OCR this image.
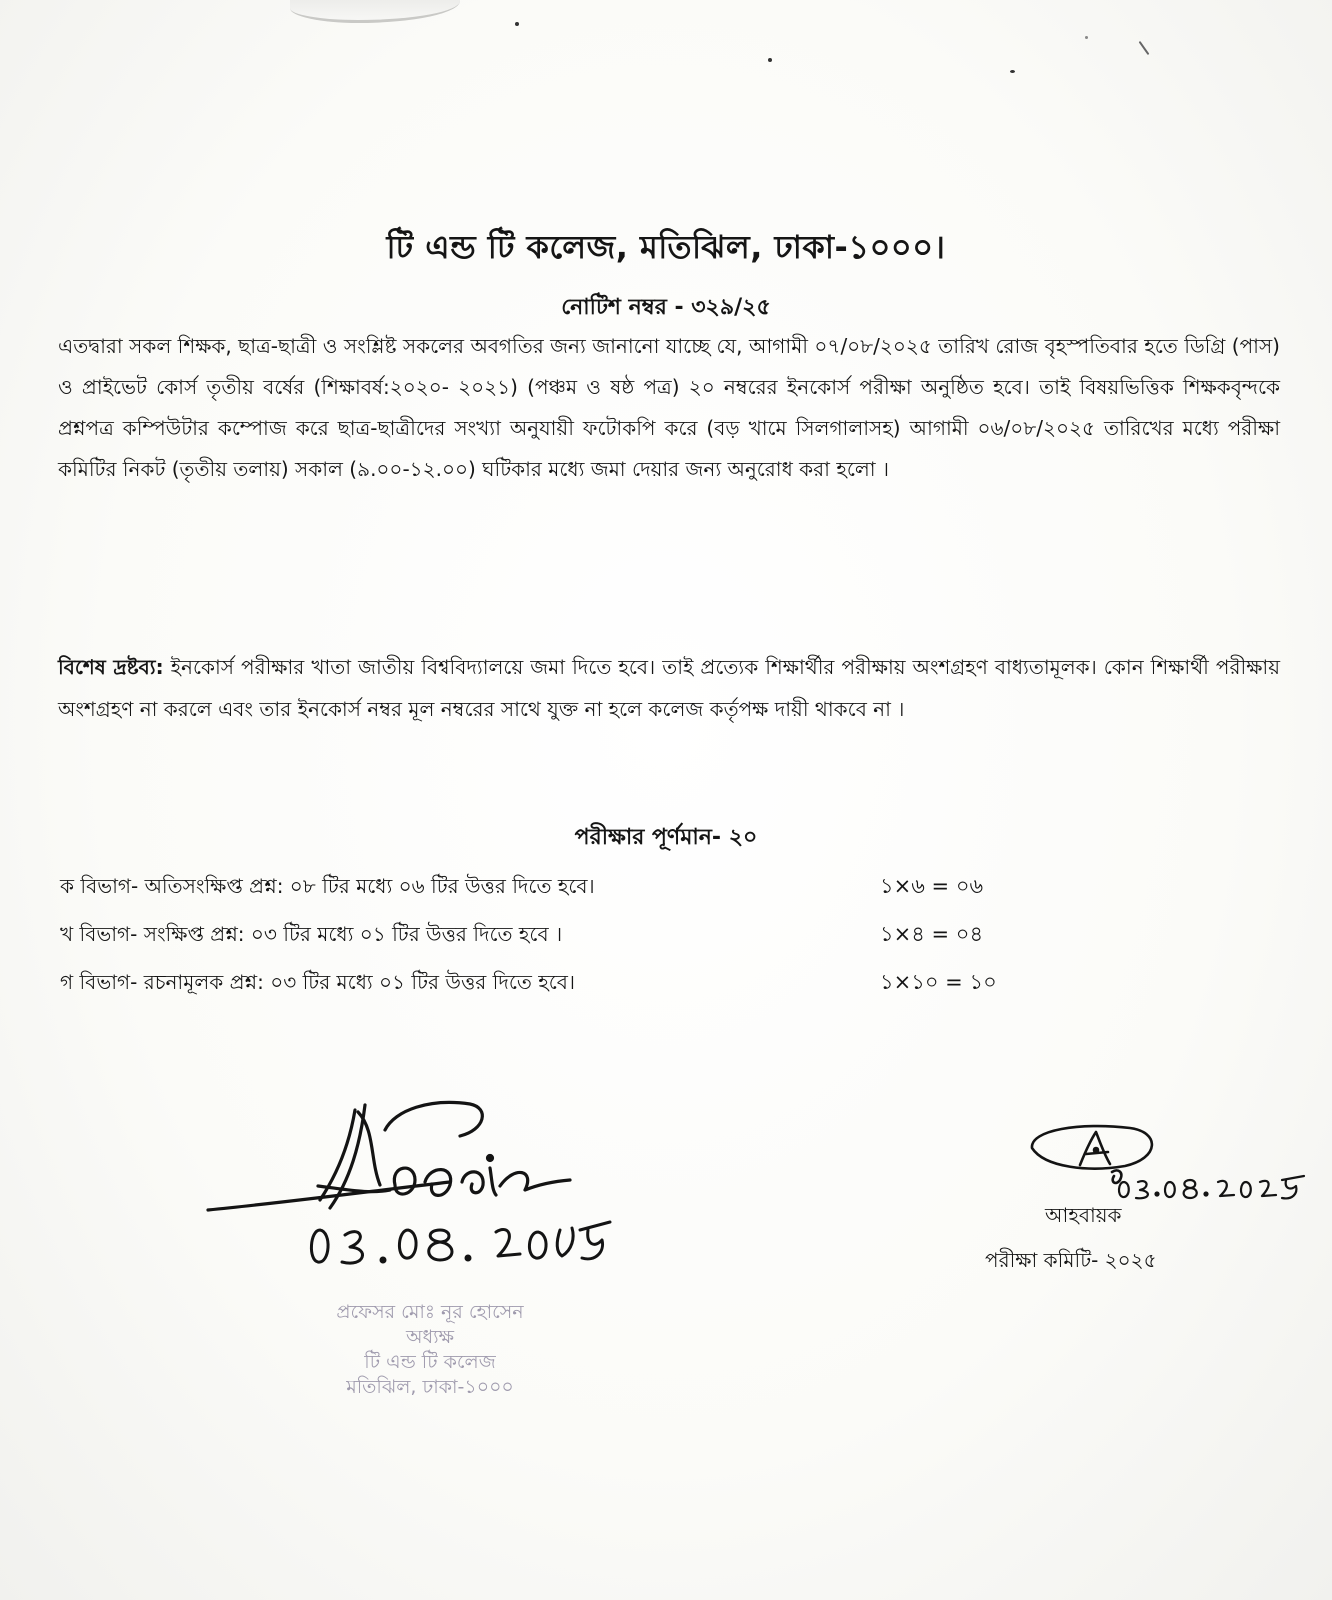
টি এন্ড টি কলেজ, মতিঝিল, ঢাকা-১০০০।
নোটিশ নম্বর - ৩২৯/২৫

এতদ্বারা সকল শিক্ষক, ছাত্র-ছাত্রী ও সংশ্লিষ্ট সকলের অবগতির জন্য জানানো যাচ্ছে যে, আগামী ০৭/০৮/২০২৫ তারিখ রোজ বৃহস্পতিবার হতে ডিগ্রি (পাস) ও প্রাইভেট কোর্স তৃতীয় বর্ষের (শিক্ষাবর্ষ:২০২০- ২০২১) (পঞ্চম ও ষষ্ঠ পত্র) ২০ নম্বরের ইনকোর্স পরীক্ষা অনুষ্ঠিত হবে। তাই বিষয়ভিত্তিক শিক্ষকবৃন্দকে প্রশ্নপত্র কম্পিউটার কম্পোজ করে ছাত্র-ছাত্রীদের সংখ্যা অনুযায়ী ফটোকপি করে (বড় খামে সিলগালাসহ) আগামী ০৬/০৮/২০২৫ তারিখের মধ্যে পরীক্ষা কমিটির নিকট (তৃতীয় তলায়) সকাল (৯.০০-১২.০০) ঘটিকার মধ্যে জমা দেয়ার জন্য অনুরোধ করা হলো ।

বিশেষ দ্রষ্টব্য: ইনকোর্স পরীক্ষার খাতা জাতীয় বিশ্ববিদ্যালয়ে জমা দিতে হবে। তাই প্রত্যেক শিক্ষার্থীর পরীক্ষায় অংশগ্রহণ বাধ্যতামূলক। কোন শিক্ষার্থী পরীক্ষায় অংশগ্রহণ না করলে এবং তার ইনকোর্স নম্বর মূল নম্বরের সাথে যুক্ত না হলে কলেজ কর্তৃপক্ষ দায়ী থাকবে না ।

পরীক্ষার পূর্ণমান- ২০
ক বিভাগ- অতিসংক্ষিপ্ত প্রশ্ন: ০৮ টির মধ্যে ০৬ টির উত্তর দিতে হবে।	১×৬ = ০৬
খ বিভাগ- সংক্ষিপ্ত প্রশ্ন: ০৩ টির মধ্যে ০১ টির উত্তর দিতে হবে ।	১×৪ = ০৪
গ বিভাগ- রচনামূলক প্রশ্ন: ০৩ টির মধ্যে ০১ টির উত্তর দিতে হবে।	১×১০ = ১০
প্রফেসর মোঃ নূর হোসেন
অধ্যক্ষ
টি এন্ড টি কলেজ
মতিঝিল, ঢাকা-১০০০
আহবায়ক
পরীক্ষা কমিটি- ২০২৫
